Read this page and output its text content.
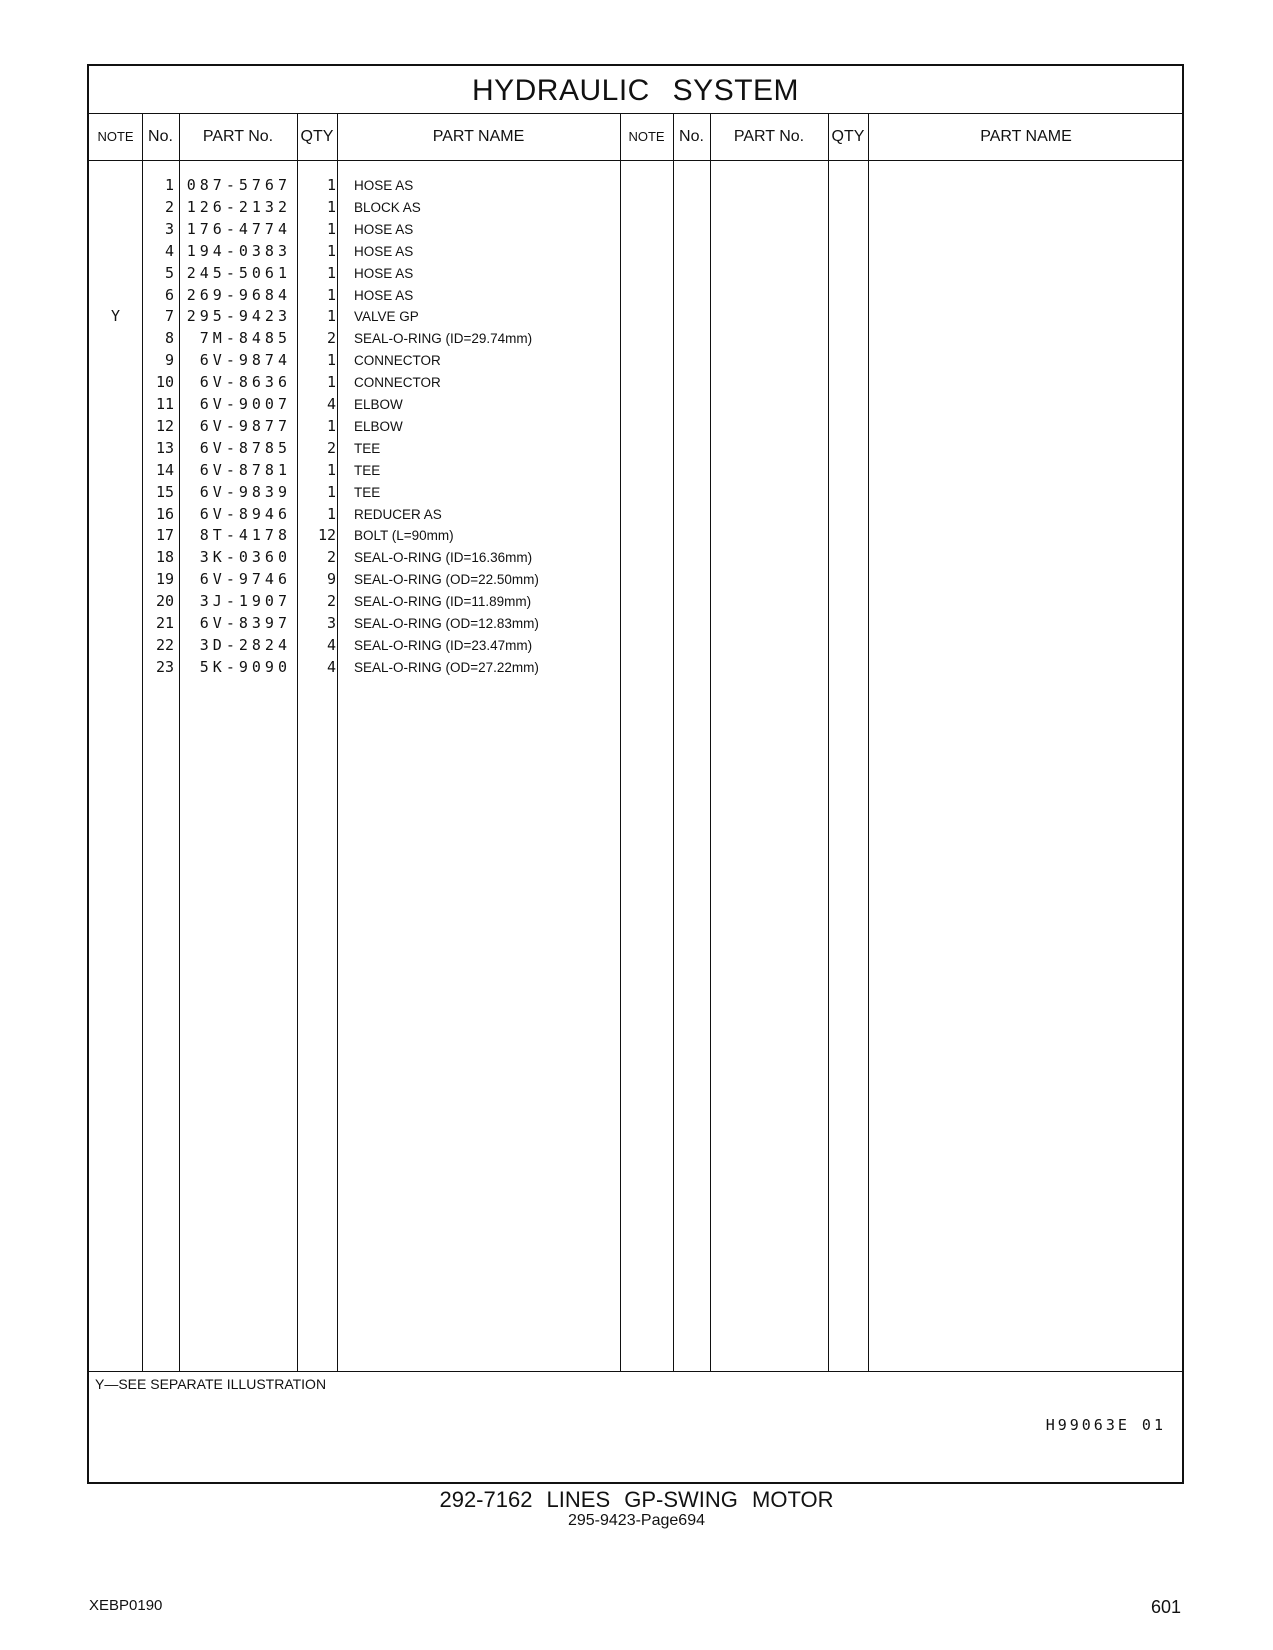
HYDRAULIC SYSTEM
NOTE No.	PART No.	QTY	PART NAME	NOTE No.	PART No.	QTY	PART NAME
1 087-5767	1 HOSE AS
2 126-2132	1 BLOCK AS
3 176-4774	1 HOSE AS
4 194-0383	1 HOSE AS
5 245-5061	1 HOSE AS
6 269-9684	1 HOSE AS
Y	7 295-9423	1 VALVE GP
8	7M-8485	2 SEAL-O-RING (ID=29.74mm)
9	6V-9874	1 CONNECTOR
10	6V-8636	1 CONNECTOR
11	6V-9007	4 ELBOW
12	6V-9877	1 ELBOW
13	6V-8785	2 TEE
14	6V-8781	1 TEE
15	6V-9839	1 TEE
16	6V-8946	1 REDUCER AS
17	8T-4178	12 BOLT (L=90mm)
18	3K-0360	2 SEAL-O-RING (ID=16.36mm)
19	6V-9746	9 SEAL-O-RING (OD=22.50mm)
20	3J-1907	2 SEAL-O-RING (ID=11.89mm)
21	6V-8397	3 SEAL-O-RING (OD=12.83mm)
22	3D-2824	4 SEAL-O-RING (ID=23.47mm)
23	5K-9090	4 SEAL-O-RING (OD=27.22mm)
Y—SEE SEPARATE ILLUSTRATION
H99063E 01
292-7162 LINES GP-SWING MOTOR
295-9423-Page694
XEBP0190	601
